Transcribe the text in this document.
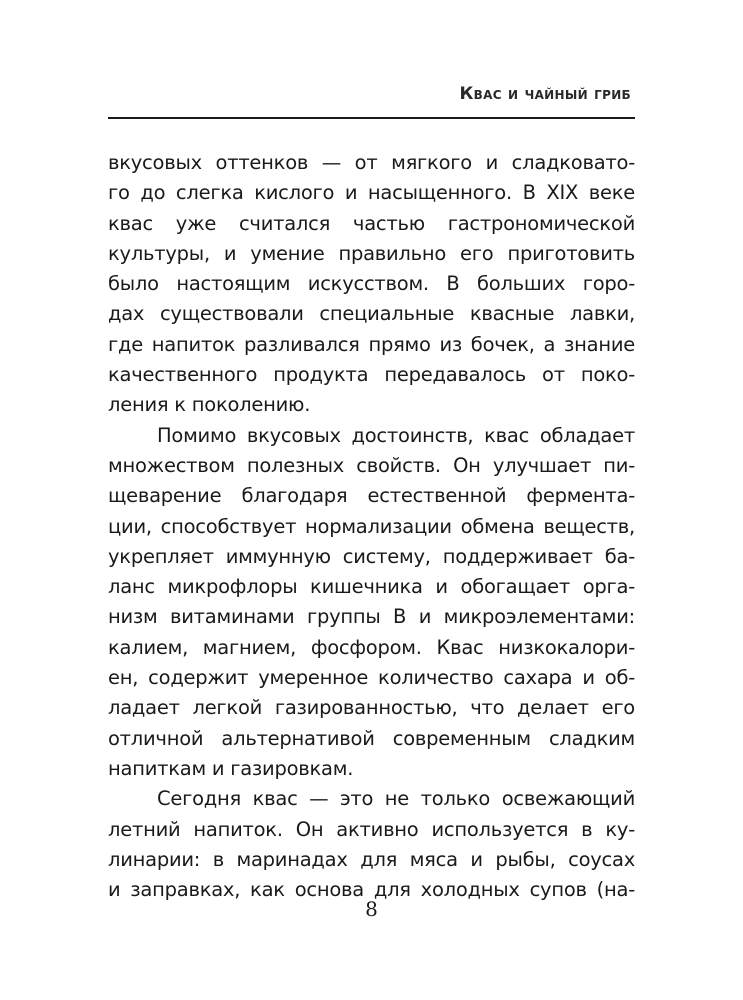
Квас и чайный гриб
вкусовых оттенков — от мягкого и сладковато-
го до слегка кислого и насыщенного. В XIX веке
квас уже считался частью гастрономической
культуры, и умение правильно его приготовить
было настоящим искусством. В больших горо-
дах существовали специальные квасные лавки,
где напиток разливался прямо из бочек, а знание
качественного продукта передавалось от поко-
ления к поколению.
Помимо вкусовых достоинств, квас обладает
множеством полезных свойств. Он улучшает пи-
щеварение благодаря естественной ферментa-
ции, способствует нормализации обмена веществ,
укрепляет иммунную систему, поддерживает ба-
ланс микрофлоры кишечника и обогащает орга-
низм витаминами группы В и микроэлементами:
калием, магнием, фосфором. Квас низкокалори-
ен, содержит умеренное количество сахара и об-
ладает легкой газированностью, что делает его
отличной альтернативой современным сладким
напиткам и газировкам.
Сегодня квас — это не только освежающий
летний напиток. Он активно используется в ку-
линарии: в маринадах для мяса и рыбы, соусах
и заправках, как основа для холодных супов (на-
8
